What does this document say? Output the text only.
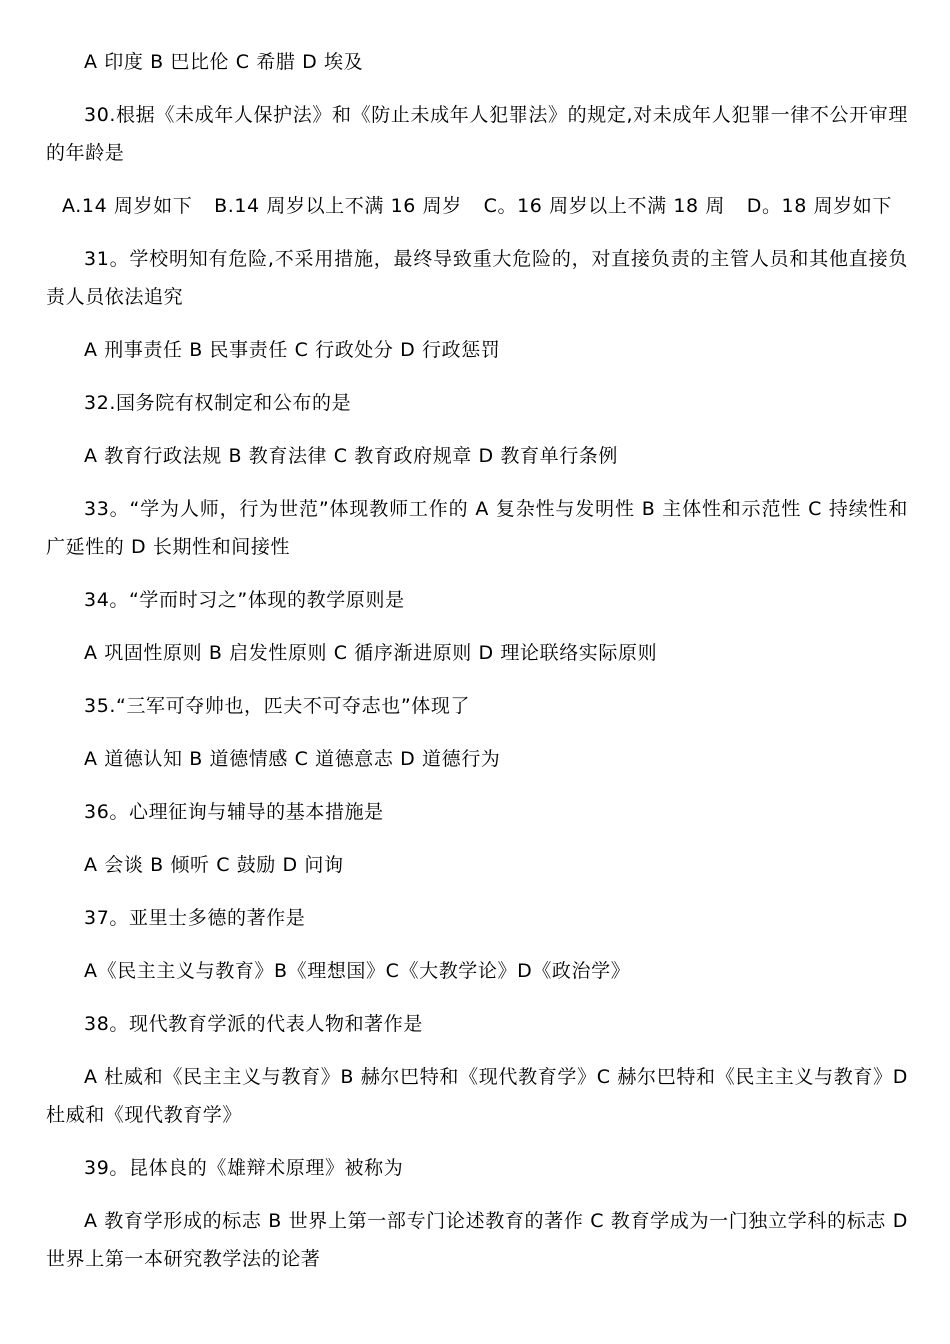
A 印度 B 巴比伦 C 希腊 D 埃及
30.根据《未成年人保护法》和《防止未成年人犯罪法》的规定,对未成年人犯罪一律不公开审理的年龄是
A.14 周岁如下 B.14 周岁以上不满 16 周岁 C。16 周岁以上不满 18 周 D。18 周岁如下
31。学校明知有危险,不采用措施，最终导致重大危险的，对直接负责的主管人员和其他直接负责人员依法追究
A 刑事责任 B 民事责任 C 行政处分 D 行政惩罚
32.国务院有权制定和公布的是
A 教育行政法规 B 教育法律 C 教育政府规章 D 教育单行条例
33。“学为人师，行为世范”体现教师工作的 A 复杂性与发明性 B 主体性和示范性 C 持续性和广延性的 D 长期性和间接性
34。“学而时习之”体现的教学原则是
A 巩固性原则 B 启发性原则 C 循序渐进原则 D 理论联络实际原则
35.“三军可夺帅也，匹夫不可夺志也”体现了
A 道德认知 B 道德情感 C 道德意志 D 道德行为
36。心理征询与辅导的基本措施是
A 会谈 B 倾听 C 鼓励 D 问询
37。亚里士多德的著作是
A《民主主义与教育》B《理想国》C《大教学论》D《政治学》
38。现代教育学派的代表人物和著作是
A 杜威和《民主主义与教育》B 赫尔巴特和《现代教育学》C 赫尔巴特和《民主主义与教育》D 杜威和《现代教育学》
39。昆体良的《雄辩术原理》被称为
A 教育学形成的标志 B 世界上第一部专门论述教育的著作 C 教育学成为一门独立学科的标志 D 世界上第一本研究教学法的论著
